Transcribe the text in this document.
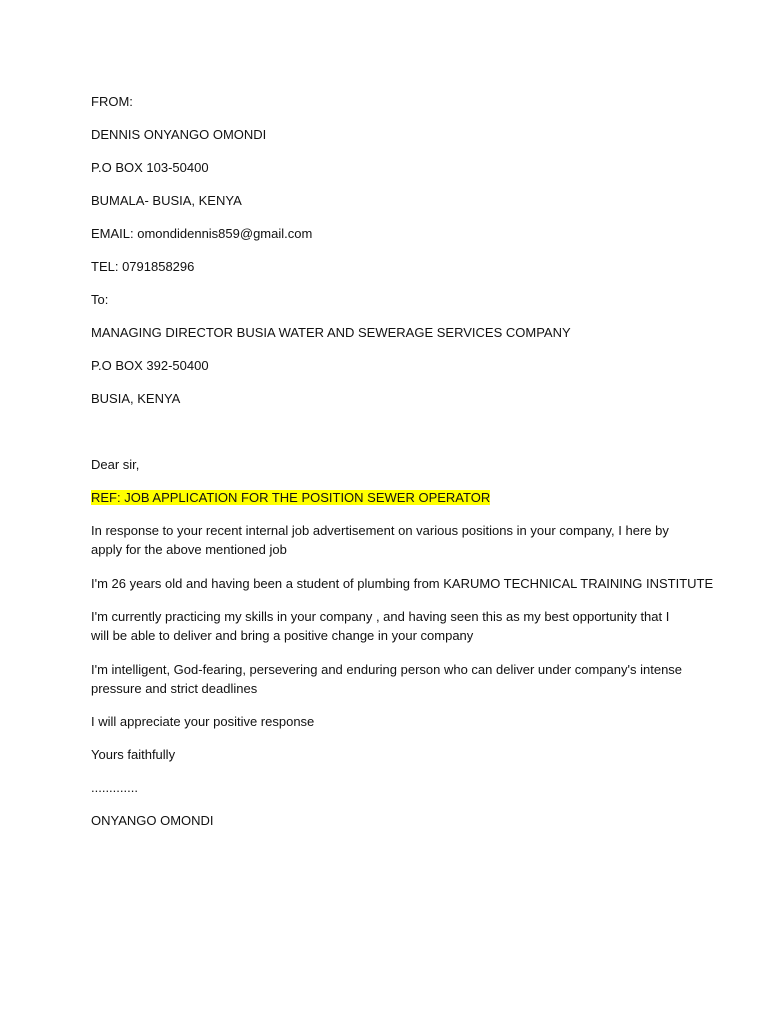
FROM:
DENNIS ONYANGO OMONDI
P.O BOX 103-50400
BUMALA- BUSIA, KENYA
EMAIL: omondidennis859@gmail.com
TEL: 0791858296
To:
MANAGING DIRECTOR BUSIA WATER AND SEWERAGE SERVICES COMPANY
P.O BOX 392-50400
BUSIA, KENYA
Dear sir,
REF: JOB APPLICATION FOR THE POSITION SEWER OPERATOR
In response to your recent internal job advertisement on various positions in your company, I here by
apply for the above mentioned job
I'm 26 years old and having been a student of plumbing from KARUMO TECHNICAL TRAINING INSTITUTE
I'm currently practicing my skills in your company , and having seen this as my best opportunity that I
will be able to deliver and bring a positive change in your company
I'm intelligent, God-fearing, persevering and enduring person who can deliver under company's intense
pressure and strict deadlines
I will appreciate your positive response
Yours faithfully
.............
ONYANGO OMONDI
